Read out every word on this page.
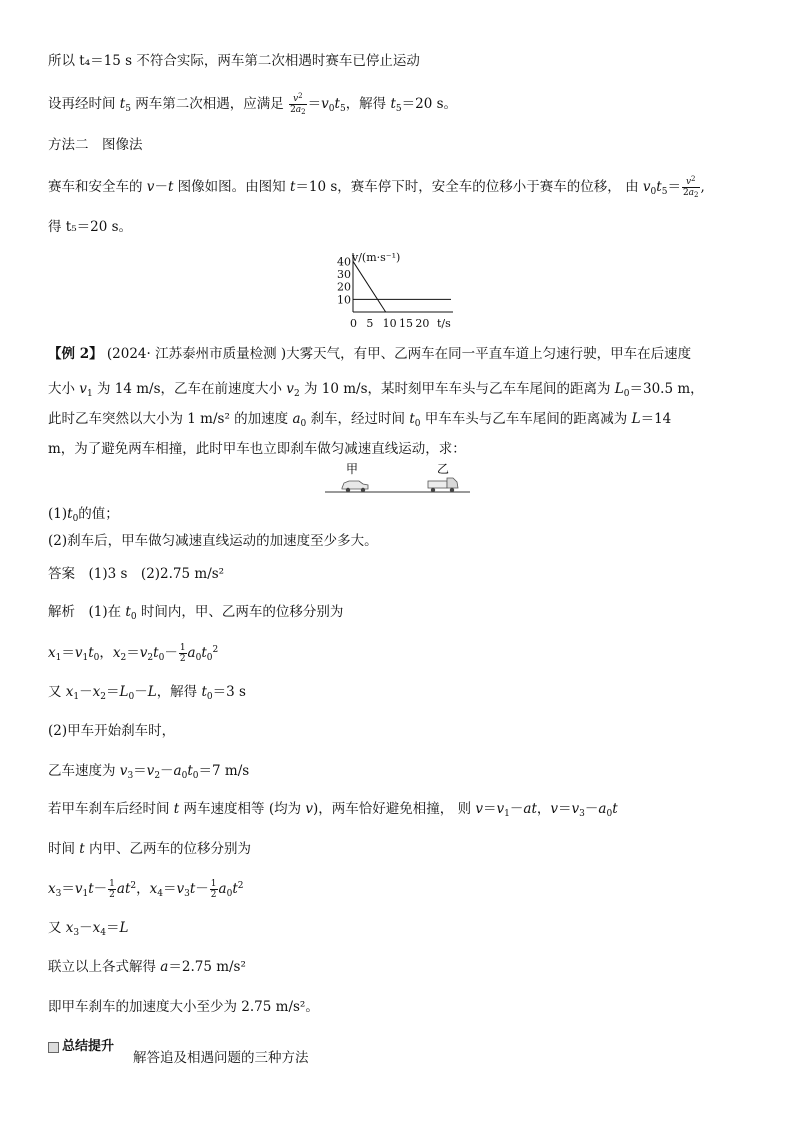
所以 t₄＝15 s 不符合实际，两车第二次相遇时赛车已停止运动
设再经时间 $t_5$ 两车第二次相遇，应满足 $\frac{v^2}{2a_2} =v_0t_5$，解得 $t_5=20$ s。
方法二　图像法
赛车和安全车的 v－t 图像如图。由图知 t＝10 s，赛车停下时，安全车的位移小于赛车的位移， 由 $v_0t_5= \frac{v^2}{2a_2}$ ,
得 t₅＝20 s。
v/(m·s⁻¹)
t/s
0 5 10 15 20
10
20
30
40
【例 2】 (2024· 江苏泰州市质量检测 )大雾天气，有甲、乙两车在同一平直车道上匀速行驶，甲车在后速度
大小 $v_1$ 为 14 m/s，乙车在前速度大小 $v_2$ 为 10 m/s，某时刻甲车车头与乙车车尾间的距离为 $L_0=30.5$ m，
此时乙车突然以大小为 1 m/s² 的加速度 $a_0$ 刹车，经过时间 $t_0$ 甲车车头与乙车车尾间的距离减为 L＝14
m，为了避免两车相撞，此时甲车也立即刹车做匀减速直线运动，求：
甲	乙
$(1)t_0$的值；
(2)刹车后，甲车做匀减速直线运动的加速度至少多大。
答案　(1)3 s　(2)2.75 m/s²
解析　(1)在 $t_0$ 时间内，甲、乙两车的位移分别为
$x_1=v_1t_0$，$x_2=v_2t_0- \frac{1}{2} a_0t_0^2$
又 $x_1-x_2=L_0-L$，解得 $t_0=3$ s
(2)甲车开始刹车时，
乙车速度为 $v_3=v_2-a_0t_0=7$ m/s
若甲车刹车后经时间 t 两车速度相等 (均为 v)，两车恰好避免相撞， 则 $v=v_1-at$，$v=v_3-a_0t$
时间 t 内甲、乙两车的位移分别为
$x_3=v_1t- \frac{1}{2} at^2$，$x_4=v_3t- \frac{1}{2} a_0t^2$
又 $x_3-x_4=L$
联立以上各式解得 a＝2.75 m/s²
即甲车刹车的加速度大小至少为 2.75 m/s²。
总结提升
解答追及相遇问题的三种方法
